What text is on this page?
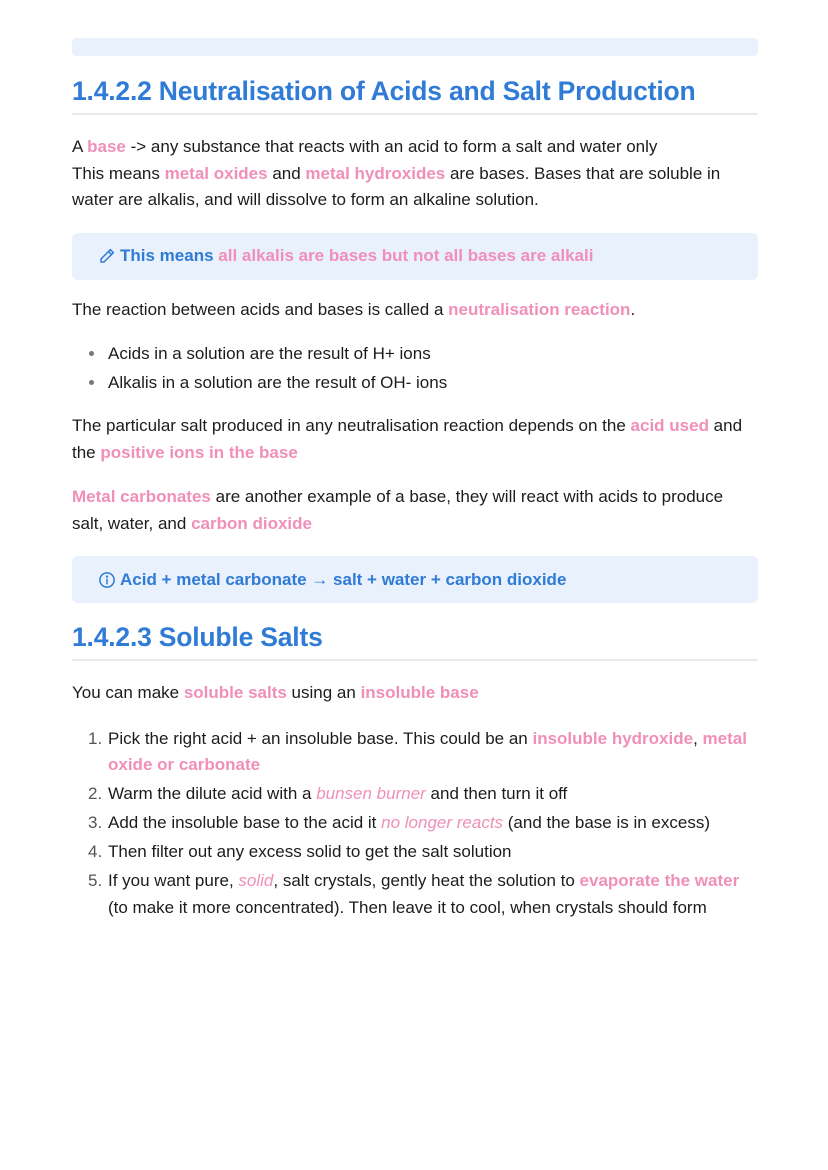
1.4.2.2 Neutralisation of Acids and Salt Production

A base -> any substance that reacts with an acid to form a salt and water only

This means metal oxides and metal hydroxides are bases. Bases that are soluble in water are alkalis, and will dissolve to form an alkaline solution.

This means
all alkalis are bases but not all bases are alkali

The reaction between acids and bases is called a neutralisation reaction.

Acids in a solution are the result of H+ ions
Alkalis in a solution are the result of OH- ions

The particular salt produced in any neutralisation reaction depends on the acid used and the positive ions in the base

Metal carbonates are another example of a base, they will react with acids to produce salt, water, and carbon dioxide

Acid + metal carbonate → salt + water + carbon dioxide
1.4.2.3 Soluble Salts

You can make soluble salts using an insoluble base

1. Pick the right acid + an insoluble base. This could be an insoluble hydroxide, metal oxide or carbonate
2. Warm the dilute acid with a bunsen burner and then turn it off
3. Add the insoluble base to the acid it no longer reacts (and the base is in excess)
4. Then filter out any excess solid to get the salt solution
5. If you want pure, solid, salt crystals, gently heat the solution to evaporate the water (to make it more concentrated). Then leave it to cool, when crystals should form
